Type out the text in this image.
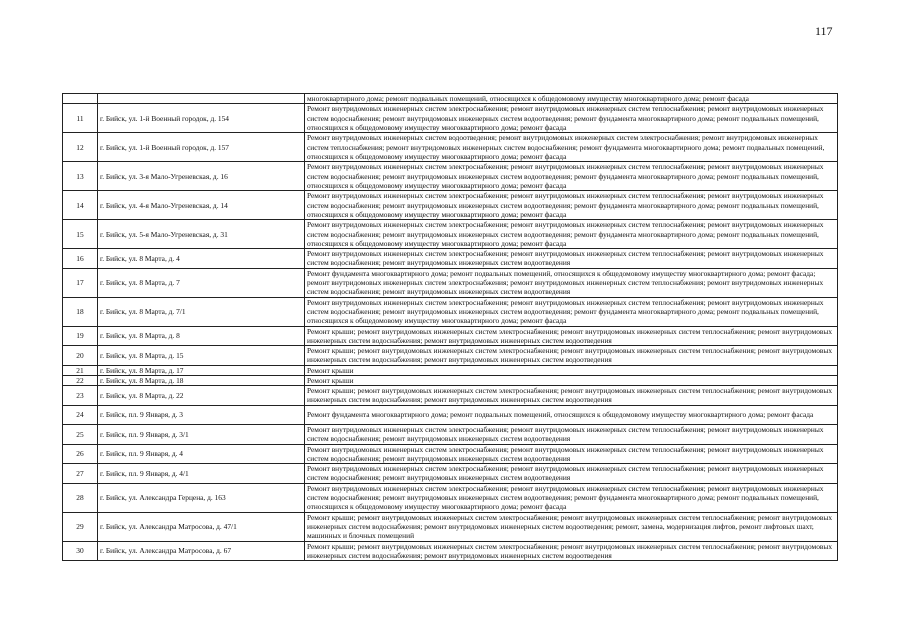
117
		многоквартирного дома; ремонт подвальных помещений, относящихся к общедомовому имуществу многоквартирного дома; ремонт фасада
11	г. Бийск, ул. 1-й Военный городок, д. 154	Ремонт внутридомовых инженерных систем электроснабжения; ремонт внутридомовых инженерных систем теплоснабжения; ремонт внутридомовых инженерных систем водоснабжения; ремонт внутридомовых инженерных систем водоотведения; ремонт фундамента многоквартирного дома; ремонт подвальных помещений, относящихся к общедомовому имуществу многоквартирного дома; ремонт фасада
12	г. Бийск, ул. 1-й Военный городок, д. 157	Ремонт внутридомовых инженерных систем водоотведения; ремонт внутридомовых инженерных систем электроснабжения; ремонт внутридомовых инженерных систем теплоснабжения; ремонт внутридомовых инженерных систем водоснабжения; ремонт фундамента многоквартирного дома; ремонт подвальных помещений, относящихся к общедомовому имуществу многоквартирного дома; ремонт фасада
13	г. Бийск, ул. 3-я Мало-Угреневская, д. 16	Ремонт внутридомовых инженерных систем электроснабжения; ремонт внутридомовых инженерных систем теплоснабжения; ремонт внутридомовых инженерных систем водоснабжения; ремонт внутридомовых инженерных систем водоотведения; ремонт фундамента многоквартирного дома; ремонт подвальных помещений, относящихся к общедомовому имуществу многоквартирного дома; ремонт фасада
14	г. Бийск, ул. 4-я Мало-Угреневская, д. 14	Ремонт внутридомовых инженерных систем электроснабжения; ремонт внутридомовых инженерных систем теплоснабжения; ремонт внутридомовых инженерных систем водоснабжения; ремонт внутридомовых инженерных систем водоотведения; ремонт фундамента многоквартирного дома; ремонт подвальных помещений, относящихся к общедомовому имуществу многоквартирного дома; ремонт фасада
15	г. Бийск, ул. 5-я Мало-Угреневская, д. 31	Ремонт внутридомовых инженерных систем электроснабжения; ремонт внутридомовых инженерных систем теплоснабжения; ремонт внутридомовых инженерных систем водоснабжения; ремонт внутридомовых инженерных систем водоотведения; ремонт фундамента многоквартирного дома; ремонт подвальных помещений, относящихся к общедомовому имуществу многоквартирного дома; ремонт фасада
16	г. Бийск, ул. 8 Марта, д. 4	Ремонт внутридомовых инженерных систем электроснабжения; ремонт внутридомовых инженерных систем теплоснабжения; ремонт внутридомовых инженерных систем водоснабжения; ремонт внутридомовых инженерных систем водоотведения
17	г. Бийск, ул. 8 Марта, д. 7	Ремонт фундамента многоквартирного дома; ремонт подвальных помещений, относящихся к общедомовому имуществу многоквартирного дома; ремонт фасада; ремонт внутридомовых инженерных систем электроснабжения; ремонт внутридомовых инженерных систем теплоснабжения; ремонт внутридомовых инженерных систем водоснабжения; ремонт внутридомовых инженерных систем водоотведения
18	г. Бийск, ул. 8 Марта, д. 7/1	Ремонт внутридомовых инженерных систем электроснабжения; ремонт внутридомовых инженерных систем теплоснабжения; ремонт внутридомовых инженерных систем водоснабжения; ремонт внутридомовых инженерных систем водоотведения; ремонт фундамента многоквартирного дома; ремонт подвальных помещений, относящихся к общедомовому имуществу многоквартирного дома; ремонт фасада
19	г. Бийск, ул. 8 Марта, д. 8	Ремонт крыши; ремонт внутридомовых инженерных систем электроснабжения; ремонт внутридомовых инженерных систем теплоснабжения; ремонт внутридомовых инженерных систем водоснабжения; ремонт внутридомовых инженерных систем водоотведения
20	г. Бийск, ул. 8 Марта, д. 15	Ремонт крыши; ремонт внутридомовых инженерных систем электроснабжения; ремонт внутридомовых инженерных систем теплоснабжения; ремонт внутридомовых инженерных систем водоснабжения; ремонт внутридомовых инженерных систем водоотведения
21	г. Бийск, ул. 8 Марта, д. 17	Ремонт крыши
22	г. Бийск, ул. 8 Марта, д. 18	Ремонт крыши
23	г. Бийск, ул. 8 Марта, д. 22	Ремонт крыши; ремонт внутридомовых инженерных систем электроснабжения; ремонт внутридомовых инженерных систем теплоснабжения; ремонт внутридомовых инженерных систем водоснабжения; ремонт внутридомовых инженерных систем водоотведения
24	г. Бийск, пл. 9 Января, д. 3	Ремонт фундамента многоквартирного дома; ремонт подвальных помещений, относящихся к общедомовому имуществу многоквартирного дома; ремонт фасада
25	г. Бийск, пл. 9 Января, д. 3/1	Ремонт внутридомовых инженерных систем электроснабжения; ремонт внутридомовых инженерных систем теплоснабжения; ремонт внутридомовых инженерных систем водоснабжения; ремонт внутридомовых инженерных систем водоотведения
26	г. Бийск, пл. 9 Января, д. 4	Ремонт внутридомовых инженерных систем электроснабжения; ремонт внутридомовых инженерных систем теплоснабжения; ремонт внутридомовых инженерных систем водоснабжения; ремонт внутридомовых инженерных систем водоотведения
27	г. Бийск, пл. 9 Января, д. 4/1	Ремонт внутридомовых инженерных систем электроснабжения; ремонт внутридомовых инженерных систем теплоснабжения; ремонт внутридомовых инженерных систем водоснабжения; ремонт внутридомовых инженерных систем водоотведения
28	г. Бийск, ул. Александра Герцена, д. 163	Ремонт внутридомовых инженерных систем электроснабжения; ремонт внутридомовых инженерных систем теплоснабжения; ремонт внутридомовых инженерных систем водоснабжения; ремонт внутридомовых инженерных систем водоотведения; ремонт фундамента многоквартирного дома; ремонт подвальных помещений, относящихся к общедомовому имуществу многоквартирного дома; ремонт фасада
29	г. Бийск, ул. Александра Матросова, д. 47/1	Ремонт крыши; ремонт внутридомовых инженерных систем электроснабжения; ремонт внутридомовых инженерных систем теплоснабжения; ремонт внутридомовых инженерных систем водоснабжения; ремонт внутридомовых инженерных систем водоотведения; ремонт, замена, модернизация лифтов, ремонт лифтовых шахт, машинных и блочных помещений
30	г. Бийск, ул. Александра Матросова, д. 67	Ремонт крыши; ремонт внутридомовых инженерных систем электроснабжения; ремонт внутридомовых инженерных систем теплоснабжения; ремонт внутридомовых инженерных систем водоснабжения; ремонт внутридомовых инженерных систем водоотведения
